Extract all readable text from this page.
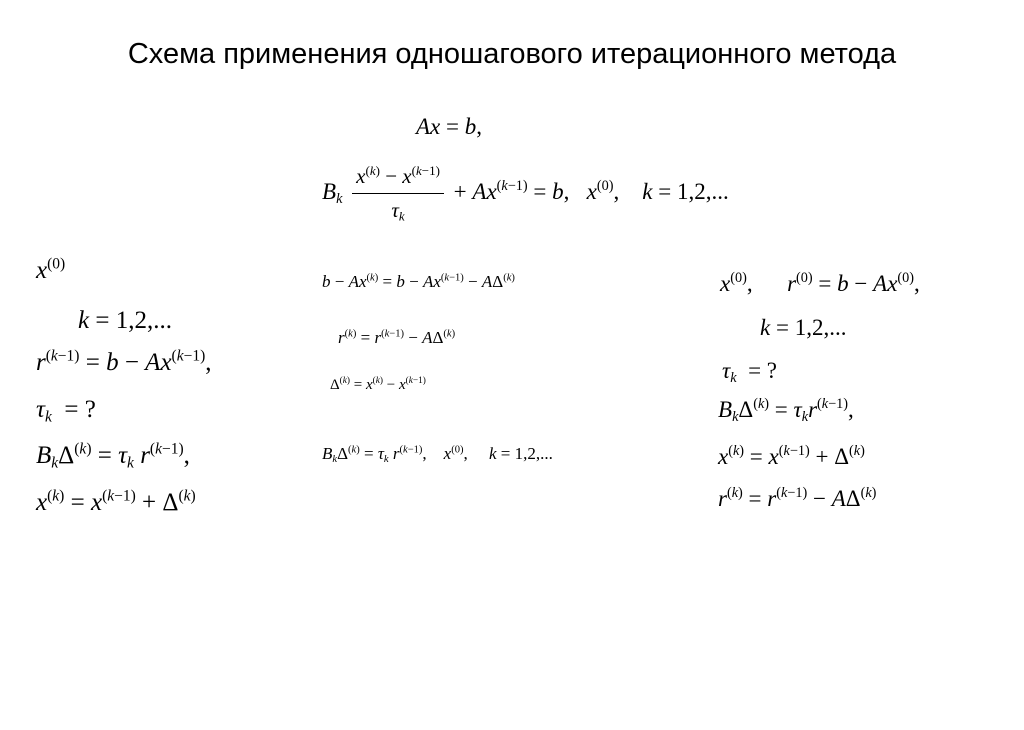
Схема применения одношагового итерационного метода
Ax = b,
$B_k \frac{x^{(k)} - x^{(k-1)}}{\tau_k} + Ax^{(k-1)} = b$,   $x^{(0)}$,    k = 1,2,...
$x^{(0)}$
k = 1,2,...
$r^{(k-1)} = b - Ax^{(k-1)}$,
$\tau_k$  = ?
$B_k\Delta^{(k)} = \tau_k$ $r^{(k-1)}$,
$x^{(k)} = x^{(k-1)} + \Delta^{(k)}$
$b - Ax^{(k)} = b - Ax^{(k-1)} - A\Delta^{(k)}$
$r^{(k)} = r^{(k-1)} - A\Delta^{(k)}$
$\Delta^{(k)} = x^{(k)} - x^{(k-1)}$
$B_k\Delta^{(k)} = \tau_k$ $r^{(k-1)}$,    $x^{(0)}$,     k = 1,2,...
$x^{(0)}$,      $r^{(0)} = b - Ax^{(0)}$,
k = 1,2,...
$\tau_k$  = ?
$B_k\Delta^{(k)} = \tau_kr^{(k-1)}$,
$x^{(k)} = x^{(k-1)} + \Delta^{(k)}$
$r^{(k)} = r^{(k-1)} - A\Delta^{(k)}$
